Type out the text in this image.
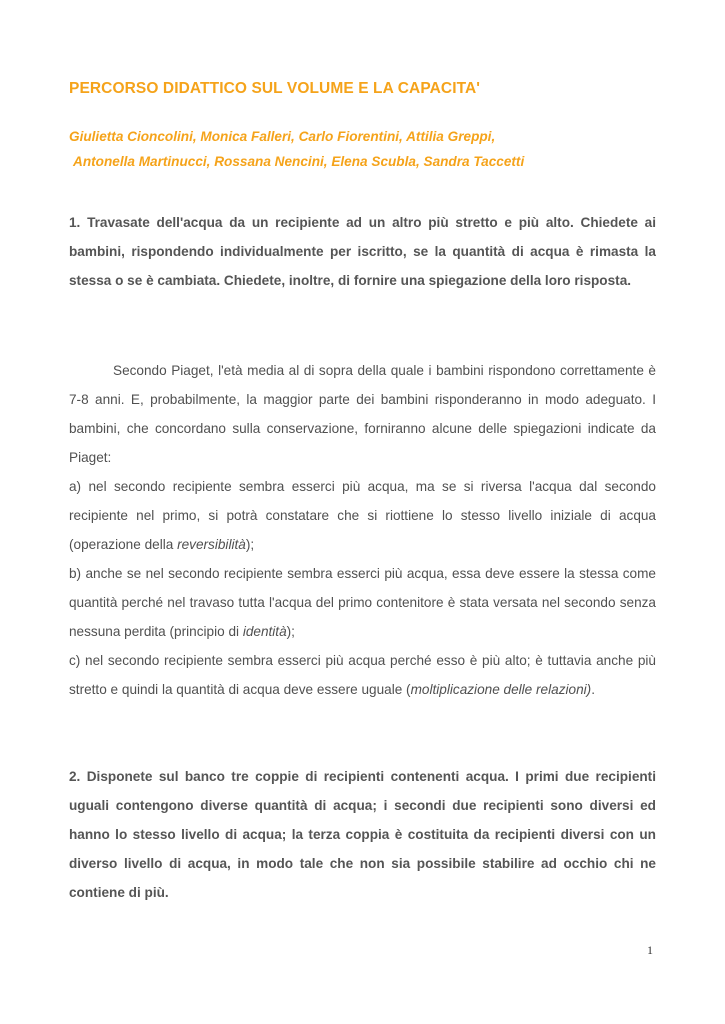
PERCORSO DIDATTICO SUL VOLUME E LA CAPACITA'
Giulietta Cioncolini, Monica Falleri, Carlo Fiorentini, Attilia Greppi,
Antonella Martinucci, Rossana Nencini, Elena Scubla, Sandra Taccetti
1. Travasate dell'acqua da un recipiente ad un altro più stretto e più alto. Chiedete ai bambini, rispondendo individualmente per iscritto, se la quantità di acqua è rimasta la stessa o se è cambiata. Chiedete, inoltre, di fornire una spiegazione della loro risposta.

Secondo Piaget, l'età media al di sopra della quale i bambini rispondono correttamente è 7-8 anni. E, probabilmente, la maggior parte dei bambini risponderanno in modo adeguato. I bambini, che concordano sulla conservazione, forniranno alcune delle spiegazioni indicate da Piaget:

a) nel secondo recipiente sembra esserci più acqua, ma se si riversa l'acqua dal secondo recipiente nel primo, si potrà constatare che si riottiene lo stesso livello iniziale di acqua (operazione della reversibilità);

b) anche se nel secondo recipiente sembra esserci più acqua, essa deve essere la stessa come quantità perché nel travaso tutta l'acqua del primo contenitore è stata versata nel secondo senza nessuna perdita (principio di identità);

c) nel secondo recipiente sembra esserci più acqua perché esso è più alto; è tuttavia anche più stretto e quindi la quantità di acqua deve essere uguale (moltiplicazione delle relazioni).

2. Disponete sul banco tre coppie di recipienti contenenti acqua. I primi due recipienti uguali contengono diverse quantità di acqua; i secondi due recipienti sono diversi ed hanno lo stesso livello di acqua; la terza coppia è costituita da recipienti diversi con un diverso livello di acqua, in modo tale che non sia possibile stabilire ad occhio chi ne contiene di più.
1
